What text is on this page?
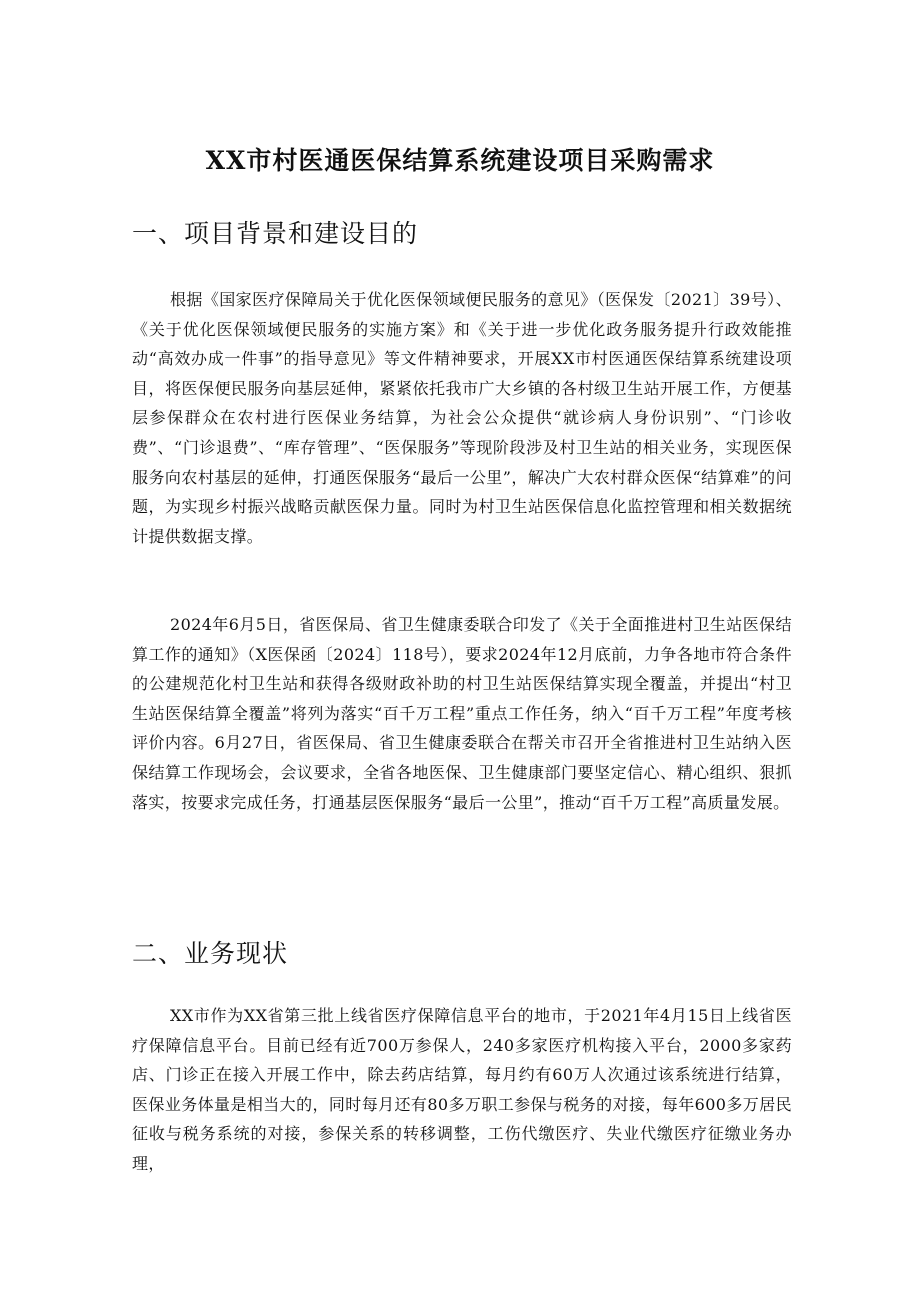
XX市村医通医保结算系统建设项目采购需求
一、项目背景和建设目的

根据《国家医疗保障局关于优化医保领域便民服务的意见》（医保发〔2021〕39号）、《关于优化医保领域便民服务的实施方案》和《关于进一步优化政务服务提升行政效能推动“高效办成一件事”的指导意见》等文件精神要求，开展XX市村医通医保结算系统建设项目，将医保便民服务向基层延伸，紧紧依托我市广大乡镇的各村级卫生站开展工作，方便基层参保群众在农村进行医保业务结算，为社会公众提供“就诊病人身份识别”、“门诊收费”、“门诊退费”、“库存管理”、“医保服务”等现阶段涉及村卫生站的相关业务，实现医保服务向农村基层的延伸，打通医保服务“最后一公里”，解决广大农村群众医保“结算难”的问题，为实现乡村振兴战略贡献医保力量。同时为村卫生站医保信息化监控管理和相关数据统计提供数据支撑。

2024年6月5日，省医保局、省卫生健康委联合印发了《关于全面推进村卫生站医保结算工作的通知》（X医保函〔2024〕118号），要求2024年12月底前，力争各地市符合条件的公建规范化村卫生站和获得各级财政补助的村卫生站医保结算实现全覆盖，并提出“村卫生站医保结算全覆盖”将列为落实“百千万工程”重点工作任务，纳入“百千万工程”年度考核评价内容。6月27日，省医保局、省卫生健康委联合在帮关市召开全省推进村卫生站纳入医保结算工作现场会，会议要求，全省各地医保、卫生健康部门要坚定信心、精心组织、狠抓落实，按要求完成任务，打通基层医保服务“最后一公里”，推动“百千万工程”高质量发展。

二、业务现状

XX市作为XX省第三批上线省医疗保障信息平台的地市，于2021年4月15日上线省医疗保障信息平台。目前已经有近700万参保人，240多家医疗机构接入平台，2000多家药店、门诊正在接入开展工作中，除去药店结算，每月约有60万人次通过该系统进行结算，医保业务体量是相当大的，同时每月还有80多万职工参保与税务的对接，每年600多万居民征收与税务系统的对接，参保关系的转移调整，工伤代缴医疗、失业代缴医疗征缴业务办理，
